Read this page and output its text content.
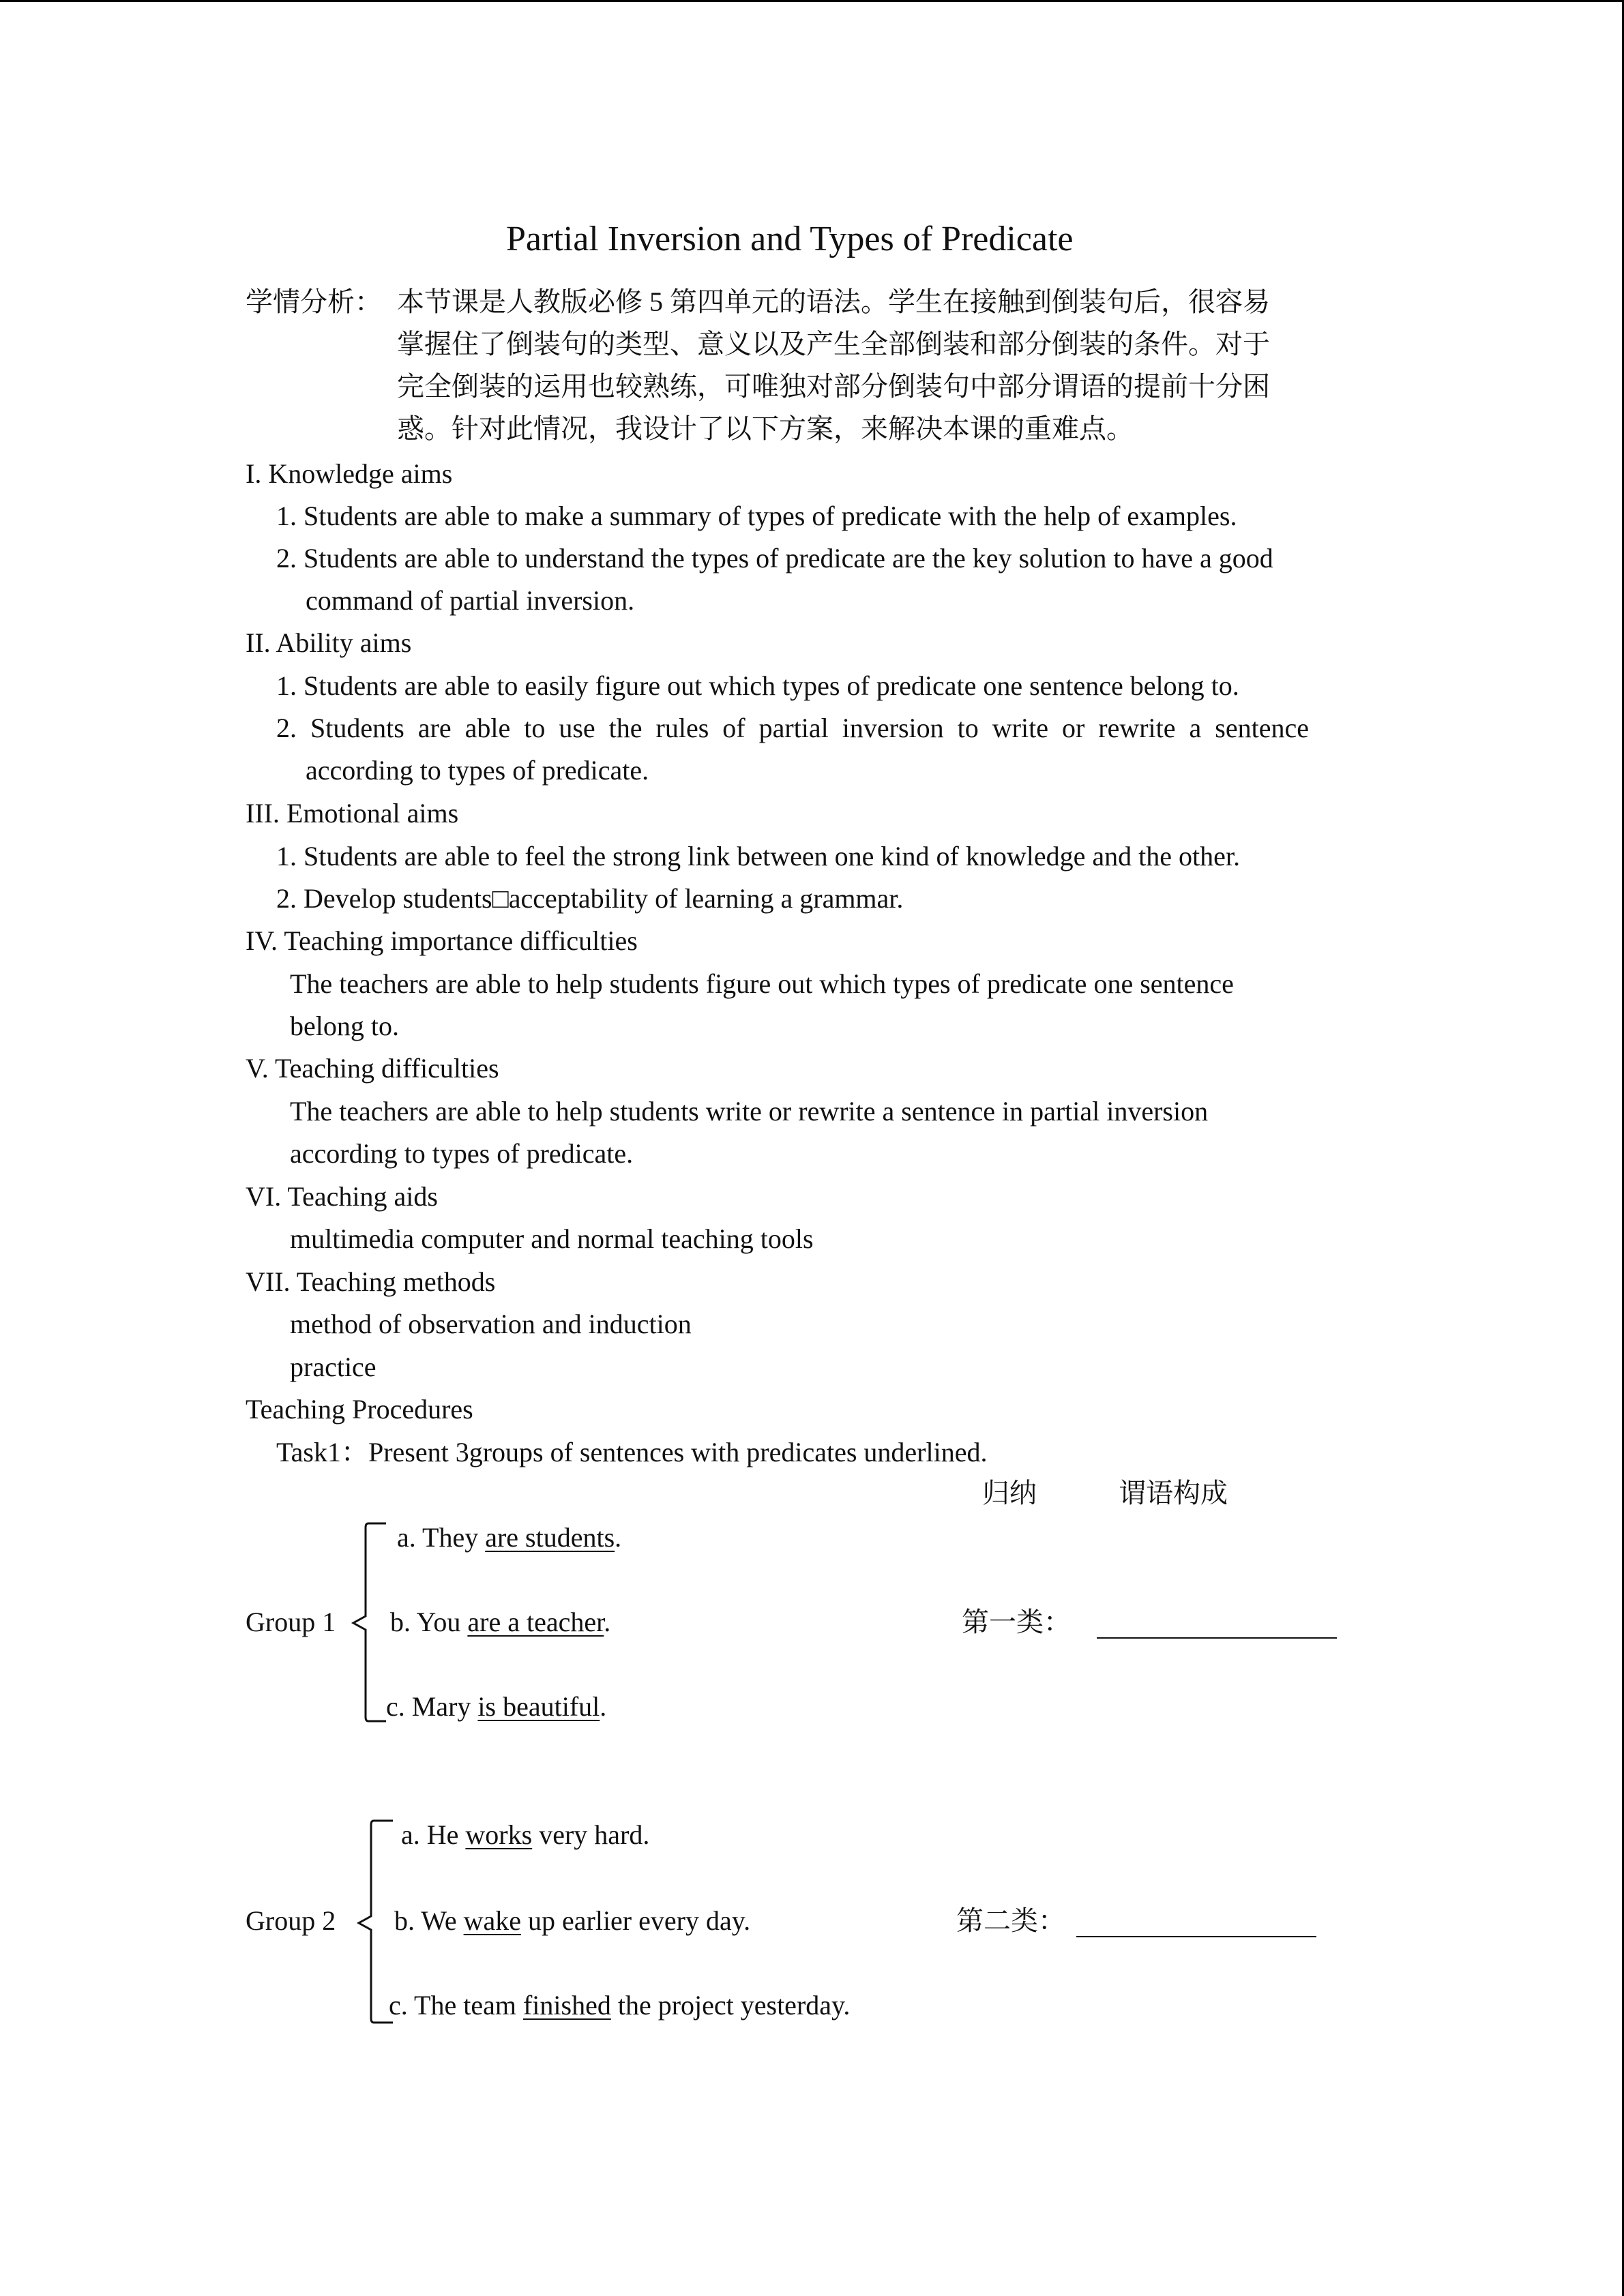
Partial Inversion and Types of Predicate
学情分析： 本节课是人教版必修 5 第四单元的语法。学生在接触到倒装句后，很容易
掌握住了倒装句的类型、意义以及产生全部倒装和部分倒装的条件。对于
完全倒装的运用也较熟练，可唯独对部分倒装句中部分谓语的提前十分困
惑。针对此情况，我设计了以下方案，来解决本课的重难点。
I. Knowledge aims
1. Students are able to make a summary of types of predicate with the help of examples.
2. Students are able to understand the types of predicate are the key solution to have a good
command of partial inversion.
II. Ability aims
1. Students are able to easily figure out which types of predicate one sentence belong to.
2.  Students  are  able  to  use  the  rules  of  partial  inversion  to  write  or  rewrite  a  sentence
according to types of predicate.
III. Emotional aims
1. Students are able to feel the strong link between one kind of knowledge and the other.
2. Develop students□acceptability of learning a grammar.
IV. Teaching importance difficulties
The teachers are able to help students figure out which types of predicate one sentence
belong to.
V. Teaching difficulties
The teachers are able to help students write or rewrite a sentence in partial inversion
according to types of predicate.
VI. Teaching aids
multimedia computer and normal teaching tools
VII. Teaching methods
method of observation and induction
practice
Teaching Procedures
Task1：Present 3groups of sentences with predicates underlined.
归纳	谓语构成
Group 1
a. They are students.
b. You are a teacher.
c. Mary is beautiful.
第一类：
Group 2
a. He works very hard.
b. We wake up earlier every day.
c. The team finished the project yesterday.
第二类：
